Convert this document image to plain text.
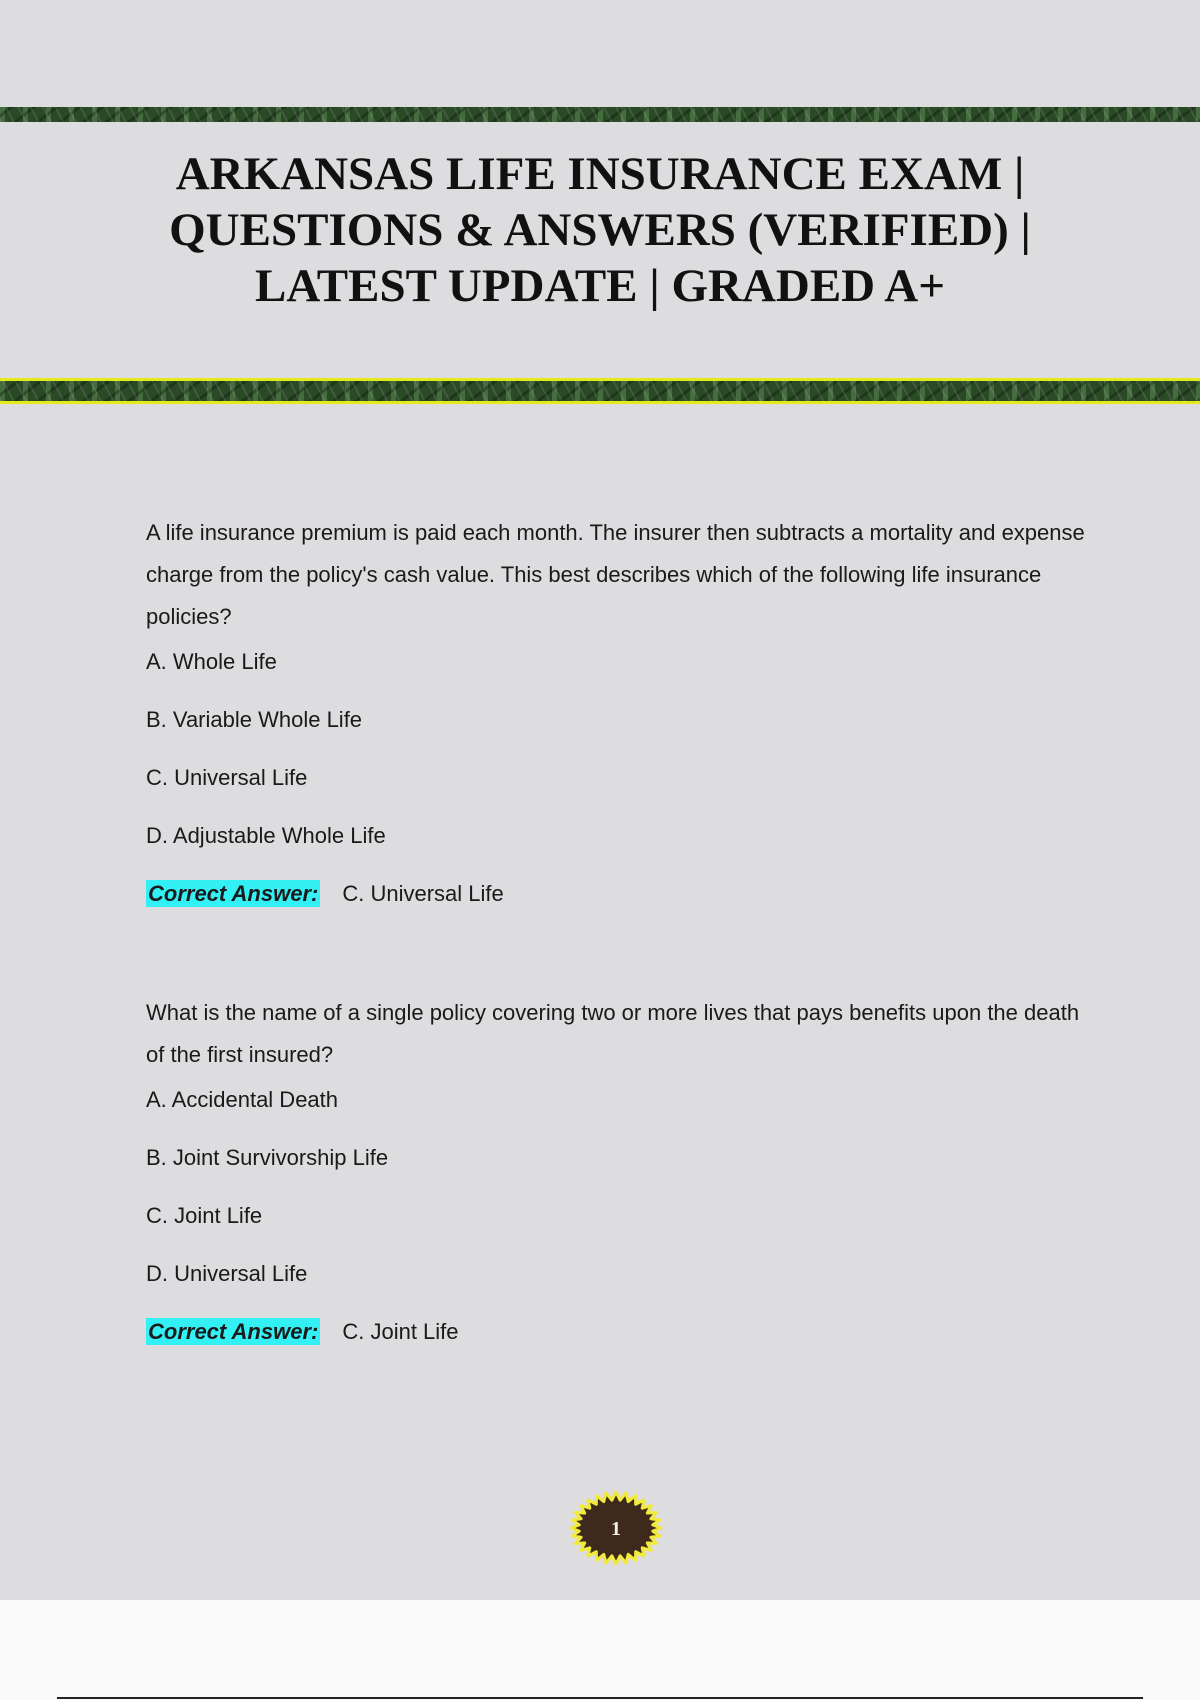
ARKANSAS LIFE INSURANCE EXAM |
QUESTIONS & ANSWERS (VERIFIED) |
LATEST UPDATE | GRADED A+

A life insurance premium is paid each month. The insurer then subtracts a mortality and expense charge from the policy's cash value. This best describes which of the following life insurance policies?

A. Whole Life

B. Variable Whole Life

C. Universal Life

D. Adjustable Whole Life

Correct Answer: C. Universal Life

What is the name of a single policy covering two or more lives that pays benefits upon the death of the first insured?

A. Accidental Death

B. Joint Survivorship Life

C. Joint Life

D. Universal Life

Correct Answer: C. Joint Life

1
